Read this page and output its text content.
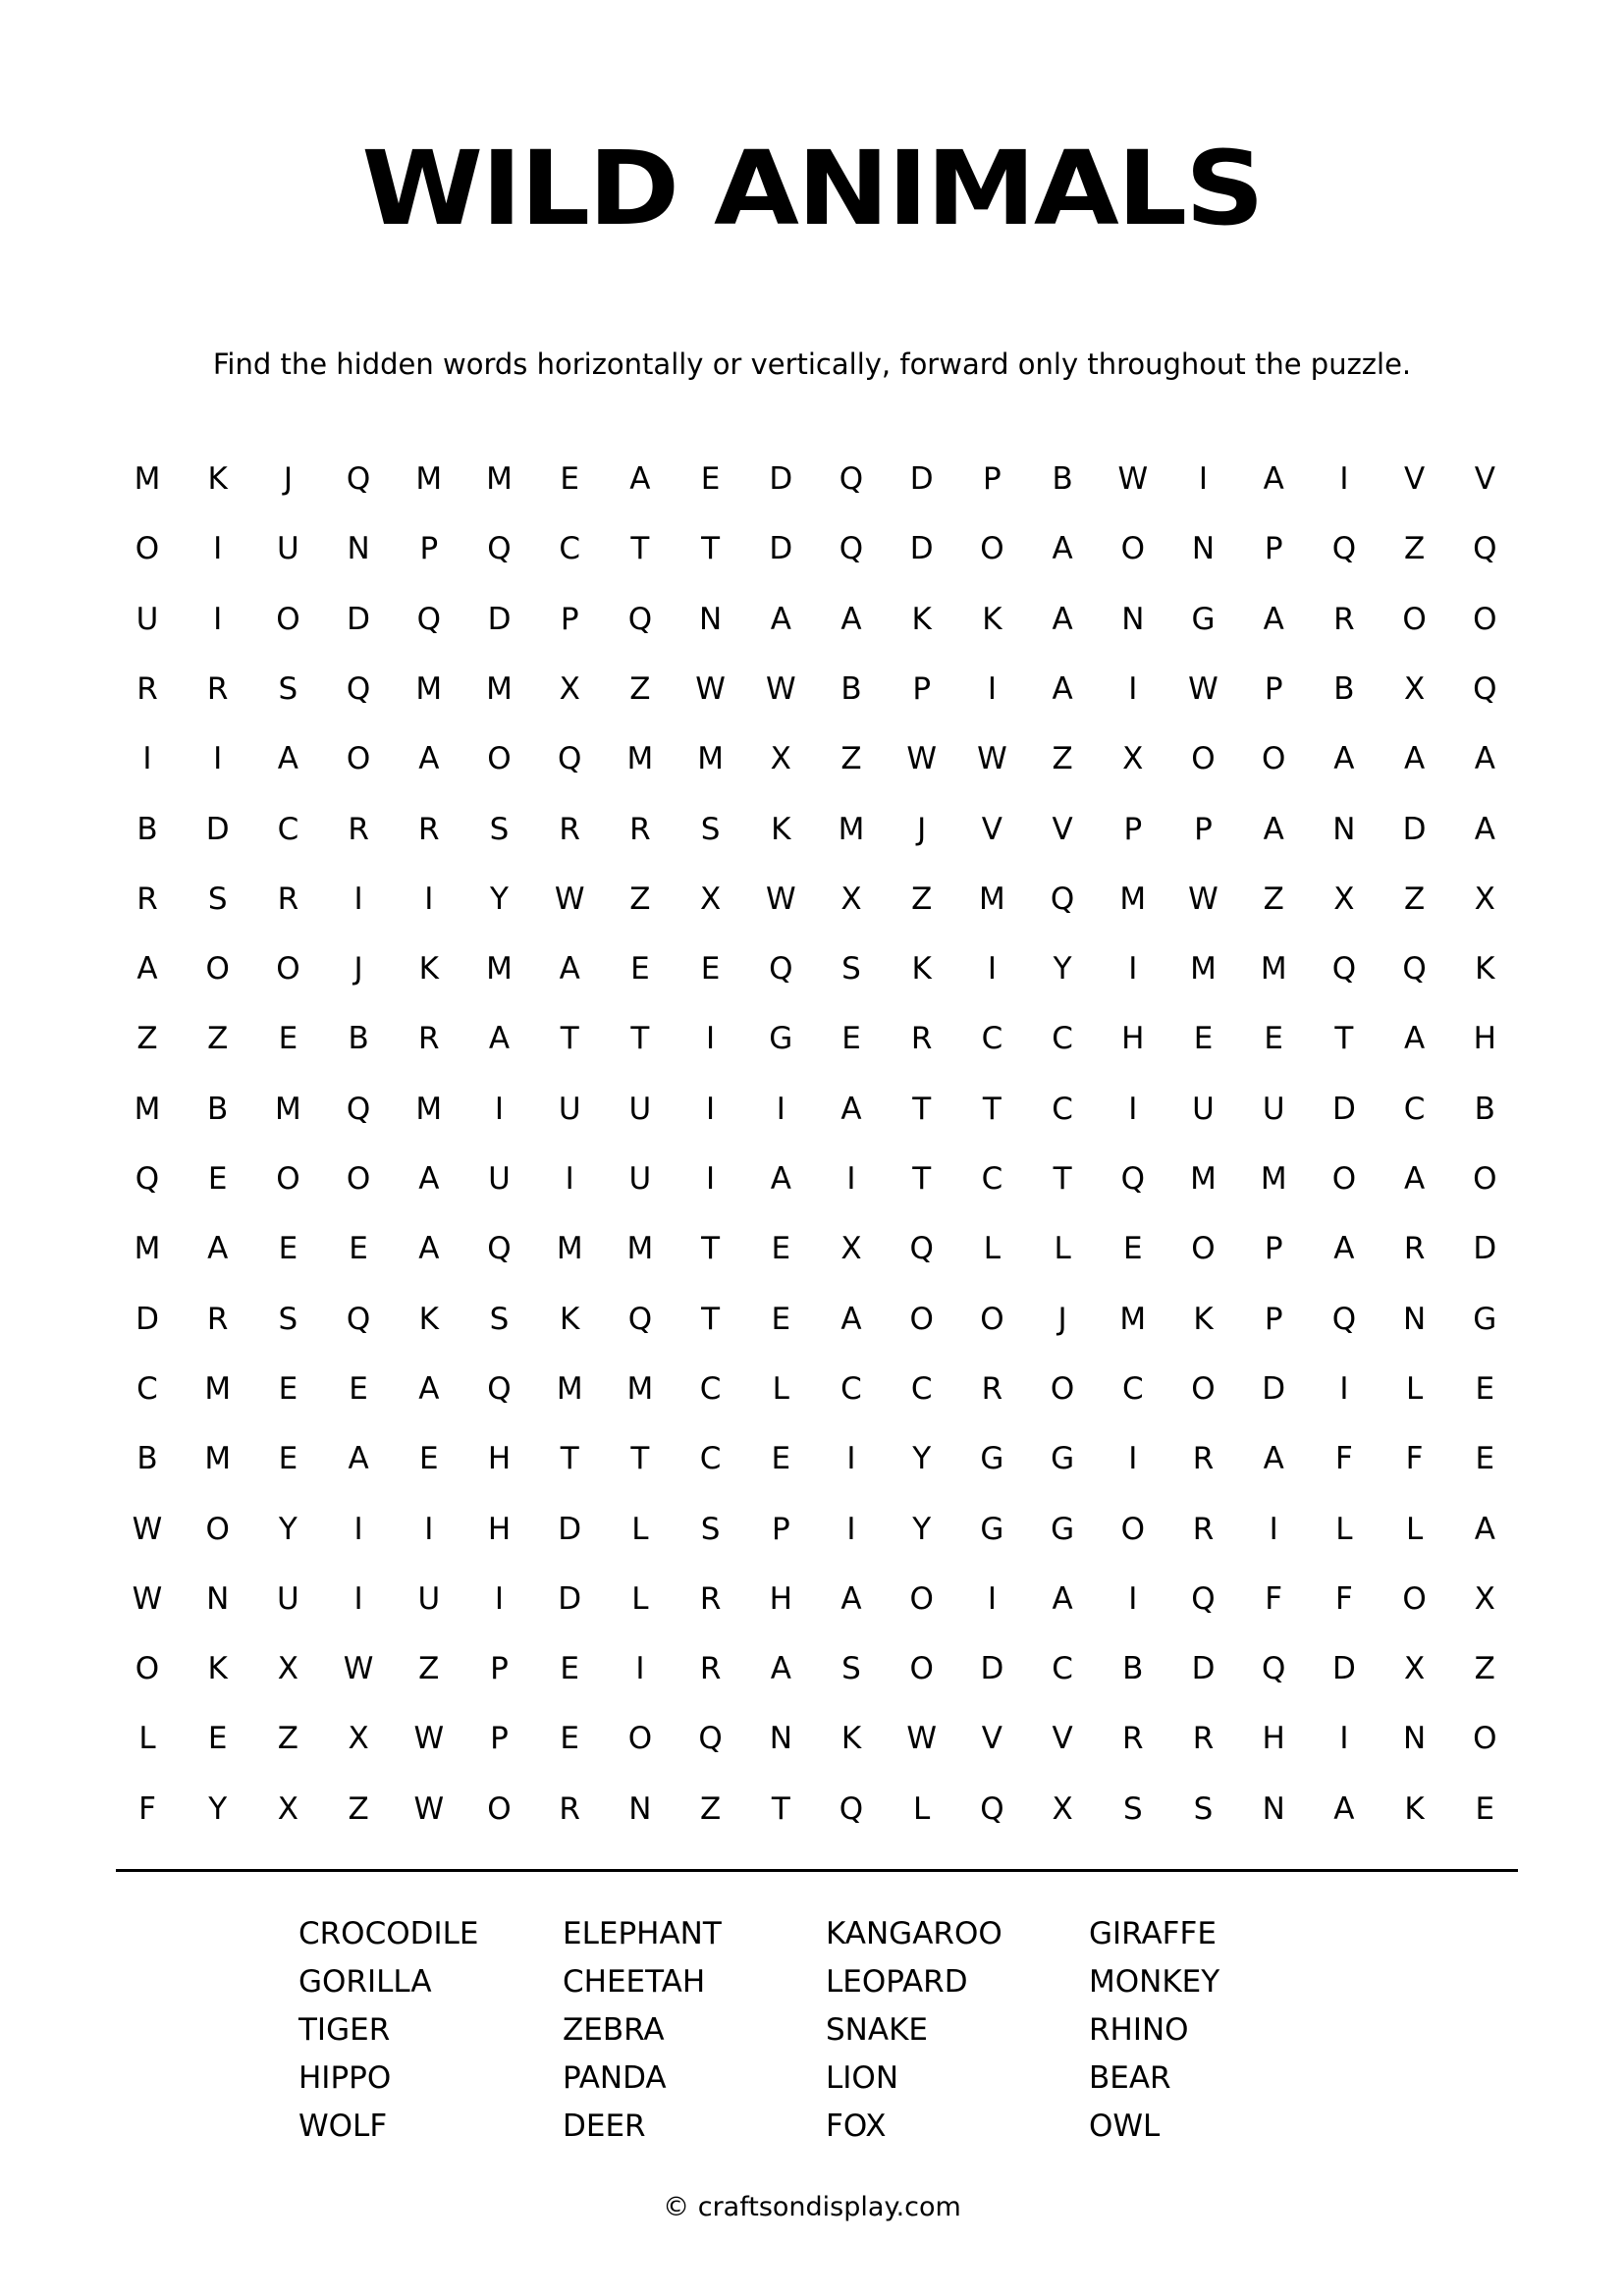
WILD ANIMALS
Find the hidden words horizontally or vertically, forward only throughout the puzzle.
M	K	J	Q	M	M	E	A	E	D	Q	D	P	B	W	I	A	I	V	V
O	I	U	N	P	Q	C	T	T	D	Q	D	O	A	O	N	P	Q	Z	Q
U	I	O	D	Q	D	P	Q	N	A	A	K	K	A	N	G	A	R	O	O
R	R	S	Q	M	M	X	Z	W	W	B	P	I	A	I	W	P	B	X	Q
I	I	A	O	A	O	Q	M	M	X	Z	W	W	Z	X	O	O	A	A	A
B	D	C	R	R	S	R	R	S	K	M	J	V	V	P	P	A	N	D	A
R	S	R	I	I	Y	W	Z	X	W	X	Z	M	Q	M	W	Z	X	Z	X
A	O	O	J	K	M	A	E	E	Q	S	K	I	Y	I	M	M	Q	Q	K
Z	Z	E	B	R	A	T	T	I	G	E	R	C	C	H	E	E	T	A	H
M	B	M	Q	M	I	U	U	I	I	A	T	T	C	I	U	U	D	C	B
Q	E	O	O	A	U	I	U	I	A	I	T	C	T	Q	M	M	O	A	O
M	A	E	E	A	Q	M	M	T	E	X	Q	L	L	E	O	P	A	R	D
D	R	S	Q	K	S	K	Q	T	E	A	O	O	J	M	K	P	Q	N	G
C	M	E	E	A	Q	M	M	C	L	C	C	R	O	C	O	D	I	L	E
B	M	E	A	E	H	T	T	C	E	I	Y	G	G	I	R	A	F	F	E
W	O	Y	I	I	H	D	L	S	P	I	Y	G	G	O	R	I	L	L	A
W	N	U	I	U	I	D	L	R	H	A	O	I	A	I	Q	F	F	O	X
O	K	X	W	Z	P	E	I	R	A	S	O	D	C	B	D	Q	D	X	Z
L	E	Z	X	W	P	E	O	Q	N	K	W	V	V	R	R	H	I	N	O
F	Y	X	Z	W	O	R	N	Z	T	Q	L	Q	X	S	S	N	A	K	E
CROCODILE
GORILLA
TIGER
HIPPO
WOLF
ELEPHANT
CHEETAH
ZEBRA
PANDA
DEER
KANGAROO
LEOPARD
SNAKE
LION
FOX
GIRAFFE
MONKEY
RHINO
BEAR
OWL
© craftsondisplay.com
